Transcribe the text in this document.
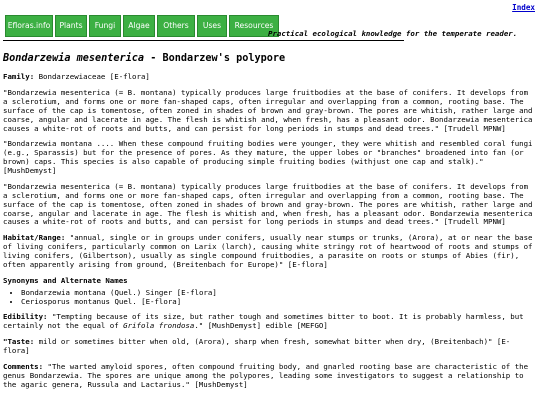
Index
Efloras.info	Plants	Fungi	Algae	Others	Uses	Resources
Practical ecological knowledge for the temperate reader.
Bondarzewia mesenterica - Bondarzew's polypore

Family: Bondarzewiaceae [E-flora]

"Bondarzewia mesenterica (= B. montana) typically produces large fruitbodies at the base of conifers. It develops from a sclerotium, and forms one or more fan-shaped caps, often irregular and overlapping from a common, rooting base. The surface of the cap is tomentose, often zoned in shades of brown and gray-brown. The pores are whitish, rather large and coarse, angular and lacerate in age. The flesh is whitish and, when fresh, has a pleasant odor. Bondarzewia mesenterica causes a white-rot of roots and butts, and can persist for long periods in stumps and dead trees." [Trudell MPNW]

"Bondarzewia montana .... When these compound fruiting bodies were younger, they were whitish and resembled coral fungi (e.g., Sparassis) but for the presence of pores. As they mature, the upper lobes or "branches" broadened into fan (or brown) caps. This species is also capable of producing simple fruiting bodies (withjust one cap and stalk)." [MushDemyst]

"Bondarzewia mesenterica (= B. montana) typically produces large fruitbodies at the base of conifers. It develops from a sclerotium, and forms one or more fan-shaped caps, often irregular and overlapping from a common, rooting base. The surface of the cap is tomentose, often zoned in shades of brown and gray-brown. The pores are whitish, rather large and coarse, angular and lacerate in age. The flesh is whitish and, when fresh, has a pleasant odor. Bondarzewia mesenterica causes a white-rot of roots and butts, and can persist for long periods in stumps and dead trees." [Trudell MPNW]

Habitat/Range: "annual, single or in groups under conifers, usually near stumps or trunks, (Arora), at or near the base of living conifers, particularly common on Larix (larch), causing white stringy rot of heartwood of roots and stumps of living conifers, (Gilbertson), usually as single compound fruitbodies, a parasite on roots or stumps of Abies (fir), often apparently arising from ground, (Breitenbach for Europe)" [E-flora]

Synonyms and Alternate Names
• Bondarzewia montana (Quel.) Singer [E-flora]
• Ceriosporus montanus Quel. [E-flora]

Edibility: "Tempting because of its size, but rather tough and sometimes bitter to boot. It is probably harmless, but certainly not the equal of Grifola frondosa." [MushDemyst] edible [MEFGO]

"Taste: mild or sometimes bitter when old, (Arora), sharp when fresh, somewhat bitter when dry, (Breitenbach)" [E-flora]

Comments: "The warted amyloid spores, often compound fruiting body, and gnarled rooting base are characteristic of the genus Bondarzewia. The spores are unique among the polypores, leading some investigators to suggest a relationship to the agaric genera, Russula and Lactarius." [MushDemyst]
